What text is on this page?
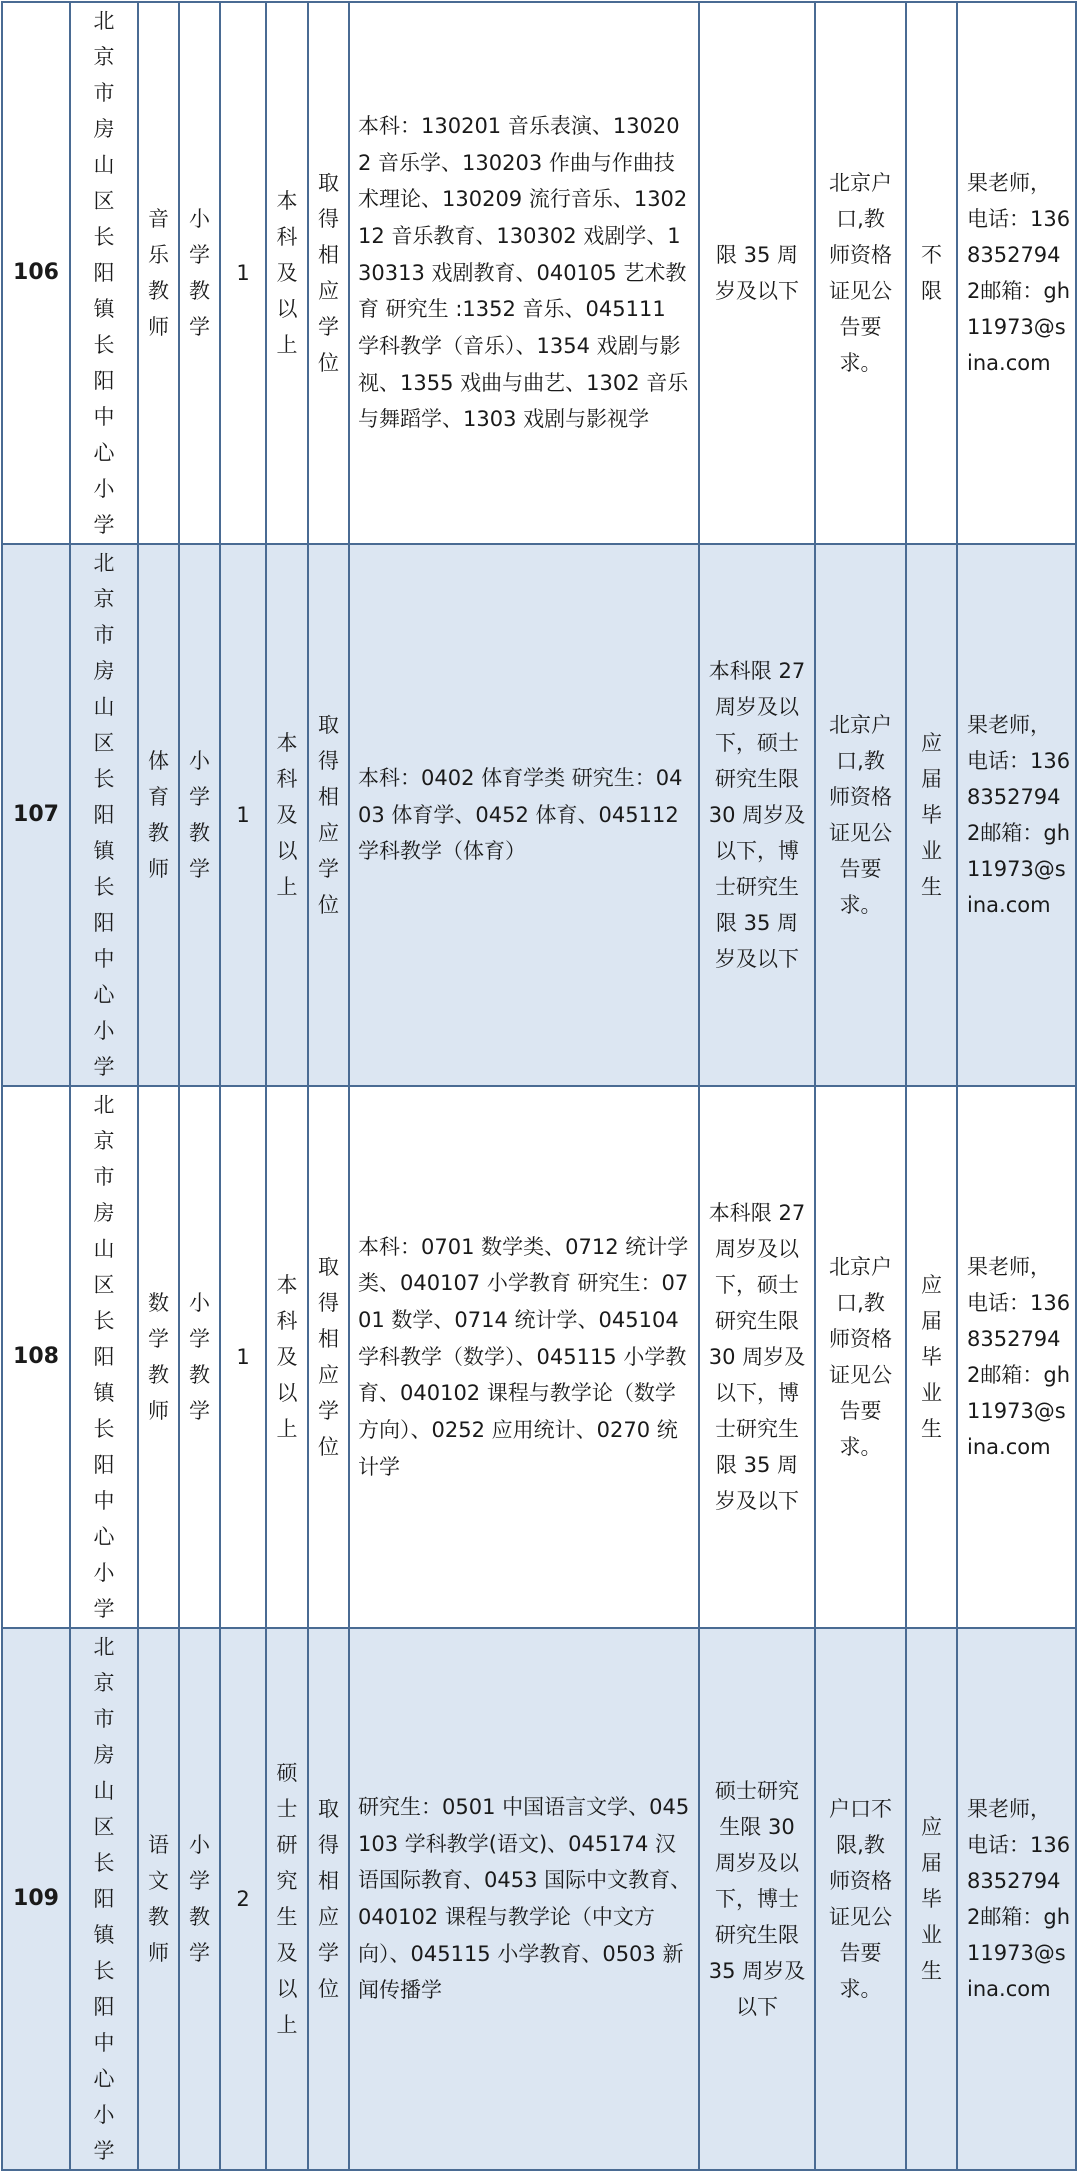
106	北京市房山区长阳镇长阳中心小学	音乐教师	小学教学	1	本科及以上	取得相应学位	本科：130201 音乐表演、130202 音乐学、130203 作曲与作曲技术理论、130209 流行音乐、130212 音乐教育、130302 戏剧学、130313 戏剧教育、040105 艺术教育 研究生 :1352 音乐、045111 学科教学（音乐）、1354 戏剧与影视、1355 戏曲与曲艺、1302 音乐与舞蹈学、1303 戏剧与影视学	限 35 周岁及以下	北京户口,教师资格证见公告要求。	不限	果老师，电话：13683527942邮箱：gh11973@sina.com
107	北京市房山区长阳镇长阳中心小学	体育教师	小学教学	1	本科及以上	取得相应学位	本科：0402 体育学类 研究生：0403 体育学、0452 体育、045112 学科教学（体育）	本科限 27 周岁及以下，硕士研究生限 30 周岁及以下，博士研究生限 35 周岁及以下	北京户口,教师资格证见公告要求。	应届毕业生	果老师，电话：13683527942邮箱：gh11973@sina.com
108	北京市房山区长阳镇长阳中心小学	数学教师	小学教学	1	本科及以上	取得相应学位	本科：0701 数学类、0712 统计学类、040107 小学教育 研究生：0701 数学、0714 统计学、045104 学科教学（数学）、045115 小学教育、040102 课程与教学论（数学方向）、0252 应用统计、0270 统计学	本科限 27 周岁及以下，硕士研究生限 30 周岁及以下，博士研究生限 35 周岁及以下	北京户口,教师资格证见公告要求。	应届毕业生	果老师，电话：13683527942邮箱：gh11973@sina.com
109	北京市房山区长阳镇长阳中心小学	语文教师	小学教学	2	硕士研究生及以上	取得相应学位	研究生：0501 中国语言文学、045103 学科教学(语文)、045174 汉语国际教育、0453 国际中文教育、040102 课程与教学论（中文方向）、045115 小学教育、0503 新闻传播学	硕士研究生限 30 周岁及以下，博士研究生限 35 周岁及以下	户口不限,教师资格证见公告要求。	应届毕业生	果老师，电话：13683527942邮箱：gh11973@sina.com
